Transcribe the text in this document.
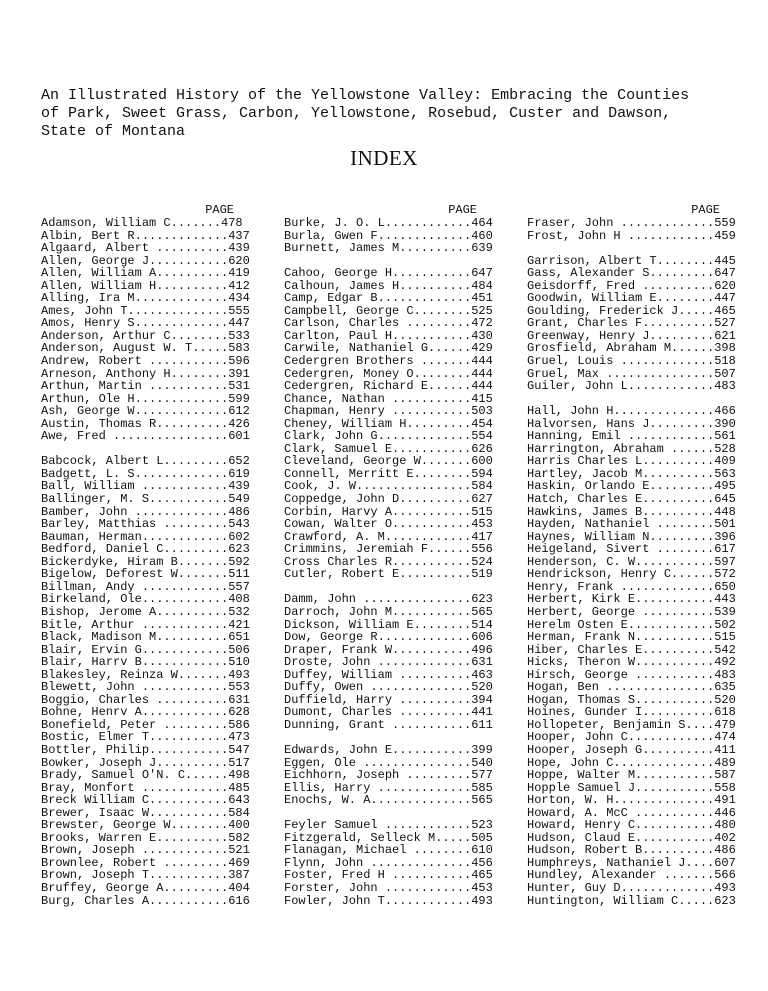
An Illustrated History of the Yellowstone Valley: Embracing the Counties
of Park, Sweet Grass, Carbon, Yellowstone, Rosebud, Custer and Dawson,
State of Montana
INDEX
PAGE
Adamson, William C.......478
Albin, Bert R.............437
Algaard, Albert ..........439
Allen, George J...........620
Allen, William A..........419
Allen, William H..........412
Alling, Ira M.............434
Ames, John T..............555
Amos, Henry S.............447
Anderson, Arthur C........533
Anderson, August W. T.....583
Andrew, Robert ...........596
Arneson, Anthony H........391
Arthun, Martin ...........531
Arthun, Ole H.............599
Ash, George W.............612
Austin, Thomas R..........426
Awe, Fred ................601
Babcock, Albert L.........652
Badgett, L. S.............619
Ball, William ............439
Ballinger, M. S...........549
Bamber, John .............486
Barley, Matthias .........543
Bauman, Herman............602
Bedford, Daniel C.........623
Bickerdyke, Hiram B.......592
Bigelow, Deforest W.......511
Billman, Andy ............557
Birkeland, Ole............408
Bishop, Jerome A..........532
Bitle, Arthur ............421
Black, Madison M..........651
Blair, Ervin G............506
Blair, Harrv B............510
Blakesley, Reinza W.......493
Blewett, John ............553
Boggio, Charles ..........631
Bohne, Henrv A............628
Bonefield, Peter .........586
Bostic, Elmer T...........473
Bottler, Philip...........547
Bowker, Joseph J..........517
Brady, Samuel O'N. C......498
Bray, Monfort ............485
Breck William C...........643
Brewer, Isaac W...........584
Brewster, George W........400
Brooks, Warren E..........582
Brown, Joseph ............521
Brownlee, Robert .........469
Brown, Joseph T...........387
Bruffey, George A.........404
Burg, Charles A...........616
PAGE
Burke, J. O. L............464
Burla, Gwen F.............460
Burnett, James M..........639
Cahoo, George H...........647
Calhoun, James H..........484
Camp, Edgar B.............451
Campbell, George C........525
Carlson, Charles .........472
Carlton, Paul H...........430
Carwile, Nathaniel G......429
Cedergren Brothers .......444
Cedergren, Money O........444
Cedergren, Richard E......444
Chance, Nathan ...........415
Chapman, Henry ...........503
Cheney, William H.........454
Clark, John G.............554
Clark, Samuel E...........626
Cleveland, George W.......600
Connell, Merritt E........594
Cook, J. W................584
Coppedge, John D..........627
Corbin, Harvy A...........515
Cowan, Walter O...........453
Crawford, A. M............417
Crimmins, Jeremiah F......556
Cross Charles R...........524
Cutler, Robert E..........519
Damm, John ...............623
Darroch, John M...........565
Dickson, William E........514
Dow, George R.............606
Draper, Frank W...........496
Droste, John .............631
Duffey, William ..........463
Duffy, Owen ..............520
Duffield, Harry ..........394
Dumont, Charles ..........441
Dunning, Grant ...........611
Edwards, John E...........399
Eggen, Ole ...............540
Eichhorn, Joseph .........577
Ellis, Harry .............585
Enochs, W. A..............565
Feyler Samuel ............523
Fitzgerald, Selleck M.....505
Flanagan, Michael ........610
Flynn, John ..............456
Foster, Fred H ...........465
Forster, John ............453
Fowler, John T............493
PAGE
Fraser, John .............559
Frost, John H ............459
Garrison, Albert T........445
Gass, Alexander S.........647
Geisdorff, Fred ..........620
Goodwin, William E........447
Goulding, Frederick J.....465
Grant, Charles F..........527
Greenway, Henry J.........621
Grosfield, Abraham M......398
Gruel, Louis .............518
Gruel, Max ...............507
Guiler, John L............483
Hall, John H..............466
Halvorsen, Hans J.........390
Hanning, Emil ............561
Harrington, Abraham ......528
Harris Charles L..........409
Hartley, Jacob M..........563
Haskin, Orlando E.........495
Hatch, Charles E..........645
Hawkins, James B..........448
Hayden, Nathaniel ........501
Haynes, William N.........396
Heigeland, Sivert ........617
Henderson, C. W...........597
Hendrickson, Henry C......572
Henry, Frank .............650
Herbert, Kirk E...........443
Herbert, George ..........539
Herelm Osten E............502
Herman, Frank N...........515
Hiber, Charles E..........542
Hicks, Theron W...........492
Hirsch, George ...........483
Hogan, Ben ...............635
Hogan, Thomas S...........520
Hoines, Gunder I..........618
Hollopeter, Benjamin S....479
Hooper, John C............474
Hooper, Joseph G..........411
Hope, John C..............489
Hoppe, Walter M...........587
Hopple Samuel J...........558
Horton, W. H..............491
Howard, A. McC ...........446
Howard, Henry C...........480
Hudson, Claud E...........402
Hudson, Robert B..........486
Humphreys, Nathaniel J....607
Hundley, Alexander .......566
Hunter, Guy D.............493
Huntington, William C.....623
